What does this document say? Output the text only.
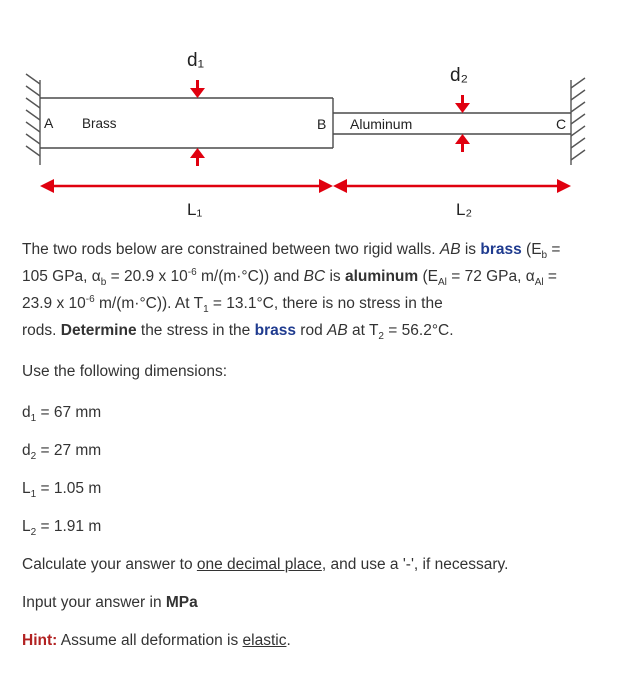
d₁
d₂
A Brass	B Aluminum	C
L₁	L₂

The two rods below are constrained between two rigid walls. AB is brass ($E_b$ =
105 GPa, $\alpha_b = 20.9$ x $10^{-6}$ m/(m·°C)) and BC is aluminum ($E_{Al} = 72$ GPa, $\alpha_{Al}$ =
23.9 x $10^{-6}$ m/(m·°C)). At $T_1 = 13.1^\circ C$, there is no stress in the
rods. Determine the stress in the brass rod AB at $T_2 = 56.2^\circ C$.

Use the following dimensions:

$d_1 = 67$ mm

$d_2 = 27$ mm

$L_1 = 1.05$ m

$L_2 = 1.91$ m

Calculate your answer to one decimal place, and use a '-', if necessary.

Input your answer in MPa

Hint: Assume all deformation is elastic.
